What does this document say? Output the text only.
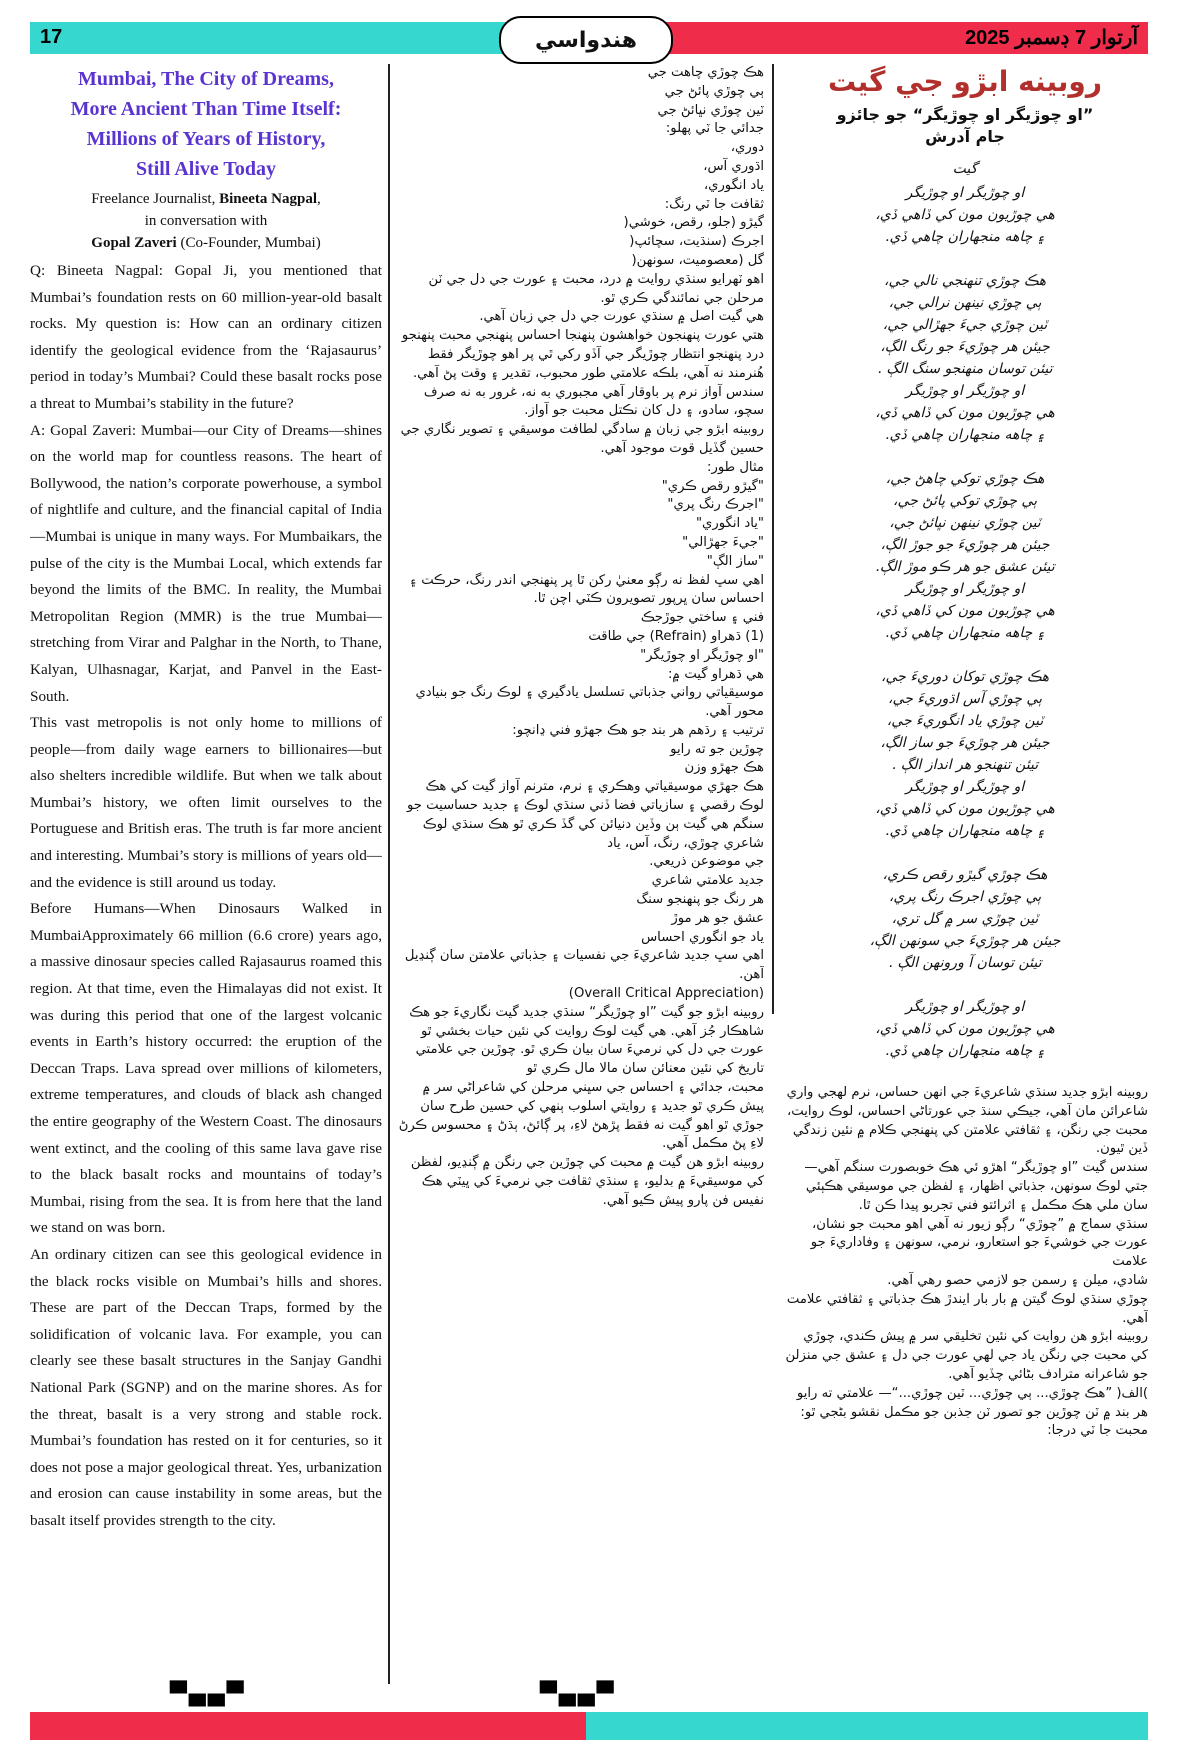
17	آرتوار 7 ڊسمبر 2025
هندواسي
Mumbai, The City of Dreams,
More Ancient Than Time Itself:
Millions of Years of History,
Still Alive Today
Freelance Journalist, Bineeta Nagpal,
in conversation with
Gopal Zaveri (Co-Founder, Mumbai)

Q: Bineeta Nagpal: Gopal Ji, you mentioned that Mumbai’s foundation rests on 60 million-year-old basalt rocks. My question is: How can an ordinary citizen identify the geological evidence from the ‘Rajasaurus’ period in today’s Mumbai? Could these basalt rocks pose a threat to Mumbai’s stability in the future?

A: Gopal Zaveri: Mumbai—our City of Dreams—shines on the world map for countless reasons. The heart of Bollywood, the nation’s corporate powerhouse, a symbol of nightlife and culture, and the financial capital of India—Mumbai is unique in many ways. For Mumbaikars, the pulse of the city is the Mumbai Local, which extends far beyond the limits of the BMC. In reality, the Mumbai Metropolitan Region (MMR) is the true Mumbai—stretching from Virar and Palghar in the North, to Thane, Kalyan, Ulhasnagar, Karjat, and Panvel in the East-South.

This vast metropolis is not only home to millions of people—from daily wage earners to billionaires—but also shelters incredible wildlife. But when we talk about Mumbai’s history, we often limit ourselves to the Portuguese and British eras. The truth is far more ancient and interesting. Mumbai’s story is millions of years old—and the evidence is still around us today.

Before Humans—When Dinosaurs Walked in MumbaiApproximately 66 million (6.6 crore) years ago, a massive dinosaur species called Rajasaurus roamed this region. At that time, even the Himalayas did not exist. It was during this period that one of the largest volcanic events in Earth’s history occurred: the eruption of the Deccan Traps. Lava spread over millions of kilometers, extreme temperatures, and clouds of black ash changed the entire geography of the Western Coast. The dinosaurs went extinct, and the cooling of this same lava gave rise to the black basalt rocks and mountains of today’s Mumbai, rising from the sea. It is from here that the land we stand on was born.

An ordinary citizen can see this geological evidence in the black rocks visible on Mumbai’s hills and shores. These are part of the Deccan Traps, formed by the solidification of volcanic lava. For example, you can clearly see these basalt structures in the Sanjay Gandhi National Park (SGNP) and on the marine shores. As for the threat, basalt is a very strong and stable rock. Mumbai’s foundation has rested on it for centuries, so it does not pose a major geological threat. Yes, urbanization and erosion can cause instability in some areas, but the basalt itself provides strength to the city.

هڪ چوڙي چاهت جي

ٻي چوڙي پائڻ جي

ٽين چوڙي نڀائڻ جي

جدائي جا ٽي پهلو:

دوري،

اڌوري آس،

ياد انگوري،

ثقافت جا ٽي رنگ:

گيڙو (جلو، رقص، خوشي(

اجرڪ (سنڌيت، سچائپ(

گل (معصوميت، سونهن(

اهو ٽهرايو سنڌي روايت ۾ درد، محبت ۽ عورت جي دل جي ٽن مرحلن جي نمائندگي ڪري ٿو.

هي گيت اصل ۾ سنڌي عورت جي دل جي زبان آهي.

هتي عورت پنهنجون خواهشون پنهنجا احساس پنهنجي محبت پنهنجو درد پنهنجو انتظار چوڙيگر جي آڏو رکي ٿي پر اهو چوڙيگر فقط هُنرمند نه آهي، بلڪه علامتي طور محبوب، تقدير ۽ وقت پڻ آهي.

سندس آواز نرم پر باوقار آهي مجبوري به نه، غرور به نه صرف سچو، سادو، ۽ دل کان نڪتل محبت جو آواز.

روبينه ابڙو جي زبان ۾ سادگي لطافت موسيقي ۽ تصوير نگاري جي حسين گڏيل قوت موجود آهي.

مثال طور:

"گيڙو رقص ڪري"

"اجرڪ رنگ پري"

"ياد انگوري"

"جيءَ جهڙالي"

"ساز الڳ"

اهي سڀ لفظ نه رڳو معنيٰ رکن ٿا پر پنهنجي اندر رنگ، حرڪت ۽ احساس سان ڀرپور تصويرون ڪٽي اچن ٿا.

فني ۽ ساختي جوڙجڪ

(1) ڌهراو (Refrain) جي طاقت

"او چوڙيگر او چوڙيگر"

هي ڌهراو گيت ۾:

موسيقياتي رواني جذباتي تسلسل يادگيري ۽ لوڪ رنگ جو بنيادي محور آهي.

ترتيب ۽ رڌهم هر بند جو هڪ جهڙو فني ڍانچو:

چوڙين جو ته رايو

هڪ جهڙو وزن

هڪ جهڙي موسيقياتي وهڪري ۽ نرم، مترنم آواز گيت کي هڪ لوڪ رقصي ۽ سازياتي فضا ڏني سنڌي لوڪ ۽ جديد حساسيت جو سنگم هي گيت ٻن وڏين دنيائن کي گڏ ڪري ٿو هڪ سنڌي لوڪ شاعري چوڙي، رنگ، آس، ياد

جي موضوعن ذريعي.

جديد علامتي شاعري

هر رنگ جو پنهنجو سنگ

عشق جو هر موڙ

ياد جو انگوري احساس

اهي سڀ جديد شاعريءَ جي نفسيات ۽ جذباتي علامتن سان ڳنڍيل آهن.

(Overall Critical Appreciation)

روبينه ابڙو جو گيت ”او چوڙيگر“ سنڌي جديد گيت نگاريءَ جو هڪ شاهڪار جُز آهي. هي گيت لوڪ روايت کي نئين حيات بخشي ٿو

عورت جي دل کي نرميءَ سان بيان ڪري ٿو. چوڙين جي علامتي تاريخ کي نئين معنائن سان مالا مال ڪري ٿو

محبت، جدائي ۽ احساس جي سڀني مرحلن کي شاعراڻي سر ۾ پيش ڪري ٿو جديد ۽ روايتي اسلوب ٻنهي کي حسين طرح سان جوڙي ٿو اهو گيت نه فقط پڙهڻ لاءِ، پر ڳائڻ، ٻڌڻ ۽ محسوس ڪرڻ لاءِ پڻ مڪمل آهي.

روبينه ابڙو هن گيت ۾ محبت کي چوڙين جي رنگن ۾ ڳنڍيو، لفظن کي موسيقيءَ ۾ بدليو، ۽ سنڌي ثقافت جي نرميءَ کي ڀيٽي هڪ نفيس فن پارو پيش ڪيو آهي.

روبينه ابڙو جي گيت
”او چوڙيگر او چوڙيگر“ جو جائزو
جام آدرش
گيت
او چوڙيگر او چوڙيگر
هي چوڙيون مون کي ڏاهي ڏي،
۽ چاهه منجهاران چاهي ڏي.
هڪ چوڙي تنهنجي نالي جي،
ٻي چوڙي نينهن نرالي جي،
ٽين چوڙي جيءَ جهڙالي جي،
جيئن هر چوڙيءَ جو رنگ الڳ،
تيئن توسان منهنجو سنگ الڳ .
او چوڙيگر او چوڙيگر
هي چوڙيون مون کي ڏاهي ڏي،
۽ چاهه منجهاران چاهي ڏي.
هڪ چوڙي توکي چاهڻ جي،
ٻي چوڙي توکي پائڻ جي،
ٽين چوڙي نينهن نڀائڻ جي،
جيئن هر چوڙيءَ جو جوڙ الڳ،
تيئن عشق جو هر ڪو موڙ الڳ.
او چوڙيگر او چوڙيگر
هي چوڙيون مون کي ڏاهي ڏي،
۽ چاهه منجهاران چاهي ڏي.
هڪ چوڙي توکان دوريءَ جي،
ٻي چوڙي آس اڌوريءَ جي،
ٽين چوڙي ياد انگوريءَ جي،
جيئن هر چوڙيءَ جو ساز الڳ،
تيئن تنهنجو هر انداز الڳ .
او چوڙيگر او چوڙيگر
هي چوڙيون مون کي ڏاهي ڏي،
۽ چاهه منجهاران چاهي ڏي.
هڪ چوڙي گيڙو رقص ڪري،
ٻي چوڙي اجرڪ رنگ پري،
ٽين چوڙي سر ۾ گل تري،
جيئن هر چوڙيءَ جي سونهن الڳ،
تيئن توسان آ ورونهن الڳ .
او چوڙيگر او چوڙيگر
هي چوڙيون مون کي ڏاهي ڏي،
۽ چاهه منجهاران چاهي ڏي.

روبينه ابڙو جديد سنڌي شاعريءَ جي انهن حساس، نرم لهجي واري شاعرائن مان آهي، جيڪي سنڌ جي عورتاڻي احساس، لوڪ روايت، محبت جي رنگن، ۽ ثقافتي علامتن کي پنهنجي ڪلام ۾ نئين زندگي ڏين ٿيون.

سندس گيت ”او چوڙيگر“ اهڙو ئي هڪ خوبصورت سنگم آهي—جتي لوڪ سونهن، جذباتي اظهار، ۽ لفظن جي موسيقي هڪٻئي سان ملي هڪ مڪمل ۽ اثرائتو فني تجربو پيدا ڪن ٿا.

سنڌي سماج ۾ ”چوڙي“ رڳو زيور نه آهي اهو محبت جو نشان، عورت جي خوشيءَ جو استعارو، نرمي، سونهن ۽ وفاداريءَ جو علامت

شادي، ميلن ۽ رسمن جو لازمي حصو رهي آهي.

چوڙي سنڌي لوڪ گيتن ۾ بار بار ايندڙ هڪ جذباتي ۽ ثقافتي علامت آهي.

روبينه ابڙو هن روايت کي نئين تخليقي سر ۾ پيش ڪندي، چوڙي کي محبت جي رنگن ياد جي لهي عورت جي دل ۽ عشق جي منزلن جو شاعرانه مترادف بڻائي چڏيو آهي.

)الف( ”هڪ چوڙي... ٻي چوڙي... ٽين چوڙي...“— علامتي ته رايو

هر بند ۾ ٽن چوڙين جو تصور ٽن جذبن جو مڪمل نقشو بڻجي ٿو:

محبت جا ٽي درجا:

▀▄▄▀	▀▄▄▀
